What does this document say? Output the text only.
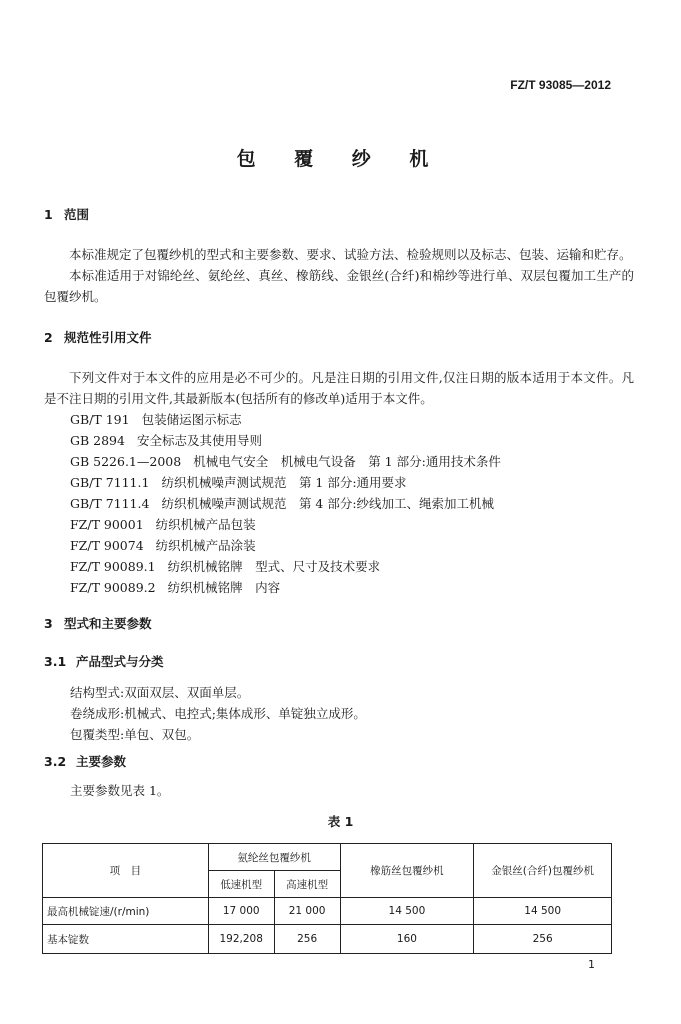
FZ/T 93085—2012
包 覆 纱 机
1 范围
本标准规定了包覆纱机的型式和主要参数、要求、试验方法、检验规则以及标志、包装、运输和贮存。
本标准适用于对锦纶丝、氨纶丝、真丝、橡筋线、金银丝(合纤)和棉纱等进行单、双层包覆加工生产的包覆纱机。
2 规范性引用文件
下列文件对于本文件的应用是必不可少的。凡是注日期的引用文件,仅注日期的版本适用于本文件。凡是不注日期的引用文件,其最新版本(包括所有的修改单)适用于本文件。
GB/T 191 包装储运图示标志
GB 2894 安全标志及其使用导则
GB 5226.1—2008 机械电气安全　机械电气设备　第 1 部分:通用技术条件
GB/T 7111.1 纺织机械噪声测试规范　第 1 部分:通用要求
GB/T 7111.4 纺织机械噪声测试规范　第 4 部分:纱线加工、绳索加工机械
FZ/T 90001 纺织机械产品包装
FZ/T 90074 纺织机械产品涂装
FZ/T 90089.1 纺织机械铭牌　型式、尺寸及技术要求
FZ/T 90089.2 纺织机械铭牌　内容
3 型式和主要参数
3.1 产品型式与分类
结构型式:双面双层、双面单层。
卷绕成形:机械式、电控式;集体成形、单锭独立成形。
包覆类型:单包、双包。
3.2 主要参数
主要参数见表 1。
表 1
项　目	氨纶丝包覆纱机		橡筋丝包覆纱机	金银丝(合纤)包覆纱机
	低速机型	高速机型		
最高机械锭速/(r/min)	17 000	21 000	14 500	14 500
基本锭数	192,208	256	160	256
1
